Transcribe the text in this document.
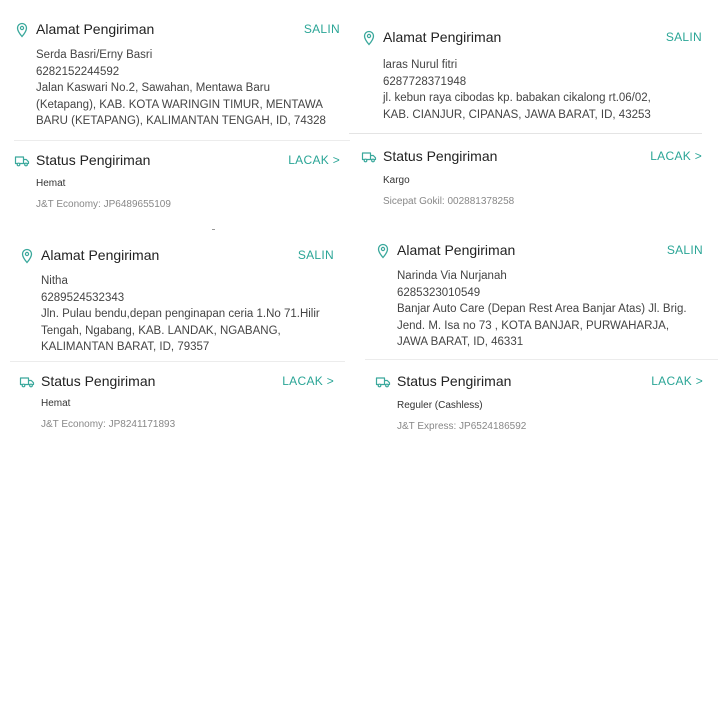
Alamat Pengiriman	SALIN
Serda Basri/Erny Basri
6282152244592
Jalan Kaswari No.2, Sawahan, Mentawa Baru
(Ketapang), KAB. KOTA WARINGIN TIMUR, MENTAWA
BARU (KETAPANG), KALIMANTAN TENGAH, ID, 74328
Status Pengiriman	LACAK >
Hemat
J&T Economy: JP6489655109
Alamat Pengiriman	SALIN
laras Nurul fitri
6287728371948
jl. kebun raya cibodas kp. babakan cikalong rt.06/02,
KAB. CIANJUR, CIPANAS, JAWA BARAT, ID, 43253
Status Pengiriman	LACAK >
Kargo
Sicepat Gokil: 002881378258
Alamat Pengiriman	SALIN
Nitha
6289524532343
Jln. Pulau bendu,depan penginapan ceria 1.No 71.Hilir
Tengah, Ngabang, KAB. LANDAK, NGABANG,
KALIMANTAN BARAT, ID, 79357
Status Pengiriman	LACAK >
Hemat
J&T Economy: JP8241171893
Alamat Pengiriman	SALIN
Narinda Via Nurjanah
6285323010549
Banjar Auto Care (Depan Rest Area Banjar Atas) Jl. Brig.
Jend. M. Isa no 73 , KOTA BANJAR, PURWAHARJA,
JAWA BARAT, ID, 46331
Status Pengiriman	LACAK >
Reguler (Cashless)
J&T Express: JP6524186592
